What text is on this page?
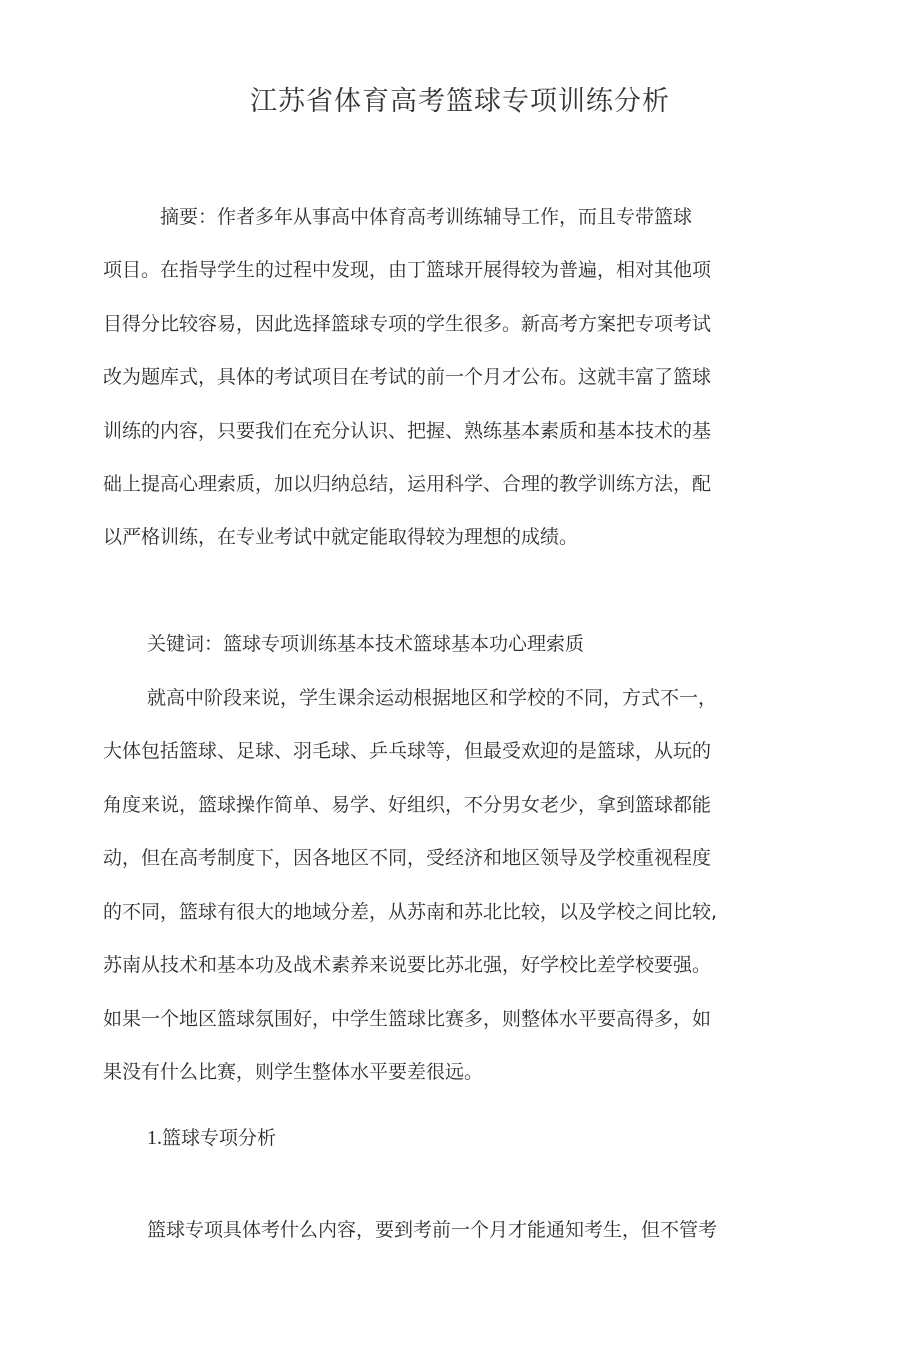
江苏省体育高考篮球专项训练分析
摘要：作者多年从事高中体育高考训练辅导工作，而且专带篮球
项目。在指导学生的过程中发现，由丁篮球开展得较为普遍，相对其他项
目得分比较容易，因此选择篮球专项的学生很多。新高考方案把专项考试
改为题库式，具体的考试项目在考试的前一个月才公布。这就丰富了篮球
训练的内容，只要我们在充分认识、把握、熟练基本素质和基本技术的基
础上提高心理索质，加以归纳总结，运用科学、合理的教学训练方法，配
以严格训练，在专业考试中就定能取得较为理想的成绩。
关键词：篮球专项训练基本技术篮球基本功心理索质
就高中阶段来说，学生课余运动根据地区和学校的不同，方式不一，
大体包括篮球、足球、羽毛球、乒乓球等，但最受欢迎的是篮球，从玩的
角度来说，篮球操作简单、易学、好组织，不分男女老少，拿到篮球都能
动，但在高考制度下，因各地区不同，受经济和地区领导及学校重视程度
的不同，篮球有很大的地域分差，从苏南和苏北比较，以及学校之间比较,
苏南从技术和基本功及战术素养来说要比苏北强，好学校比差学校要强。
如果一个地区篮球氛围好，中学生篮球比赛多，则整体水平要高得多，如
果没有什么比赛，则学生整体水平要差很远。
1.篮球专项分析
篮球专项具体考什么内容，要到考前一个月才能通知考生，但不管考
